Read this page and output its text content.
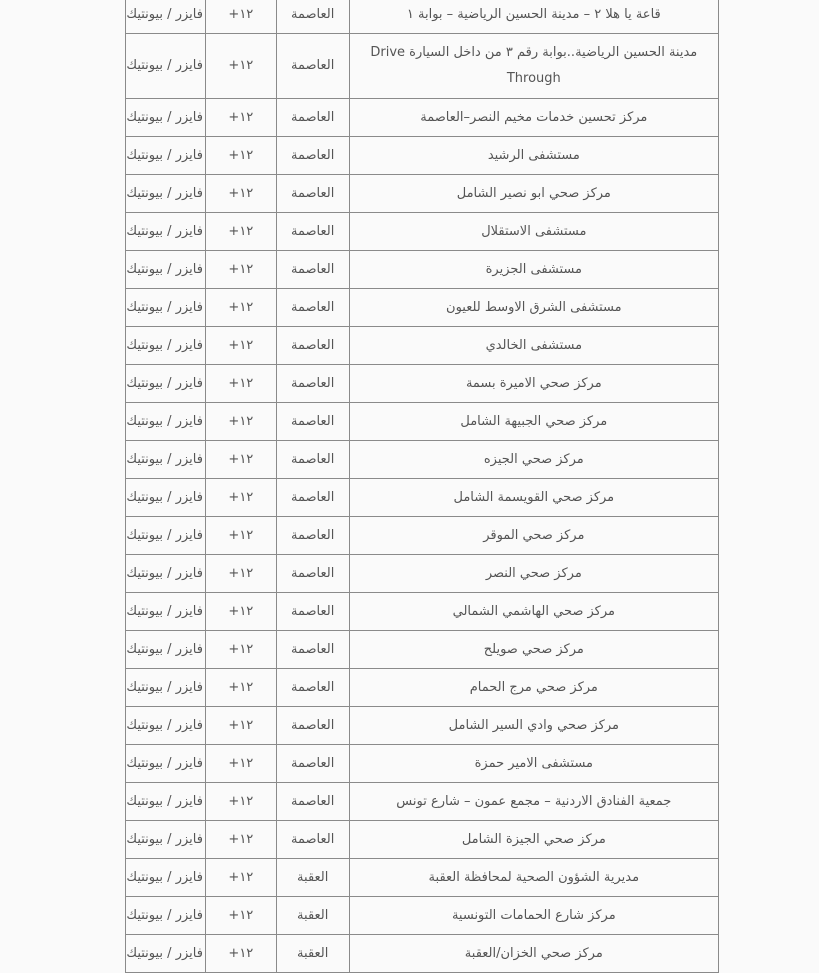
قاعة يا هلا ٢ – مدينة الحسين الرياضية – بوابة ١	العاصمة	١٢+	فايزر / بيونتيك
مدينة الحسين الرياضية..بوابة رقم ٣ من داخل السيارة Drive Through	العاصمة	١٢+	فايزر / بيونتيك
مركز تحسين خدمات مخيم النصر–العاصمة	العاصمة	١٢+	فايزر / بيونتيك
مستشفى الرشيد	العاصمة	١٢+	فايزر / بيونتيك
مركز صحي ابو نصير الشامل	العاصمة	١٢+	فايزر / بيونتيك
مستشفى الاستقلال	العاصمة	١٢+	فايزر / بيونتيك
مستشفى الجزيرة	العاصمة	١٢+	فايزر / بيونتيك
مستشفى الشرق الاوسط للعيون	العاصمة	١٢+	فايزر / بيونتيك
مستشفى الخالدي	العاصمة	١٢+	فايزر / بيونتيك
مركز صحي الاميرة بسمة	العاصمة	١٢+	فايزر / بيونتيك
مركز صحي الجبيهة الشامل	العاصمة	١٢+	فايزر / بيونتيك
مركز صحي الجيزه	العاصمة	١٢+	فايزر / بيونتيك
مركز صحي القويسمة الشامل	العاصمة	١٢+	فايزر / بيونتيك
مركز صحي الموقر	العاصمة	١٢+	فايزر / بيونتيك
مركز صحي النصر	العاصمة	١٢+	فايزر / بيونتيك
مركز صحي الهاشمي الشمالي	العاصمة	١٢+	فايزر / بيونتيك
مركز صحي صويلح	العاصمة	١٢+	فايزر / بيونتيك
مركز صحي مرج الحمام	العاصمة	١٢+	فايزر / بيونتيك
مركز صحي وادي السير الشامل	العاصمة	١٢+	فايزر / بيونتيك
مستشفى الامير حمزة	العاصمة	١٢+	فايزر / بيونتيك
جمعية الفنادق الاردنية – مجمع عمون – شارع تونس	العاصمة	١٢+	فايزر / بيونتيك
مركز صحي الجيزة الشامل	العاصمة	١٢+	فايزر / بيونتيك
مديرية الشؤون الصحية لمحافظة العقبة	العقبة	١٢+	فايزر / بيونتيك
مركز شارع الحمامات التونسية	العقبة	١٢+	فايزر / بيونتيك
مركز صحي الخزان/العقبة	العقبة	١٢+	فايزر / بيونتيك
